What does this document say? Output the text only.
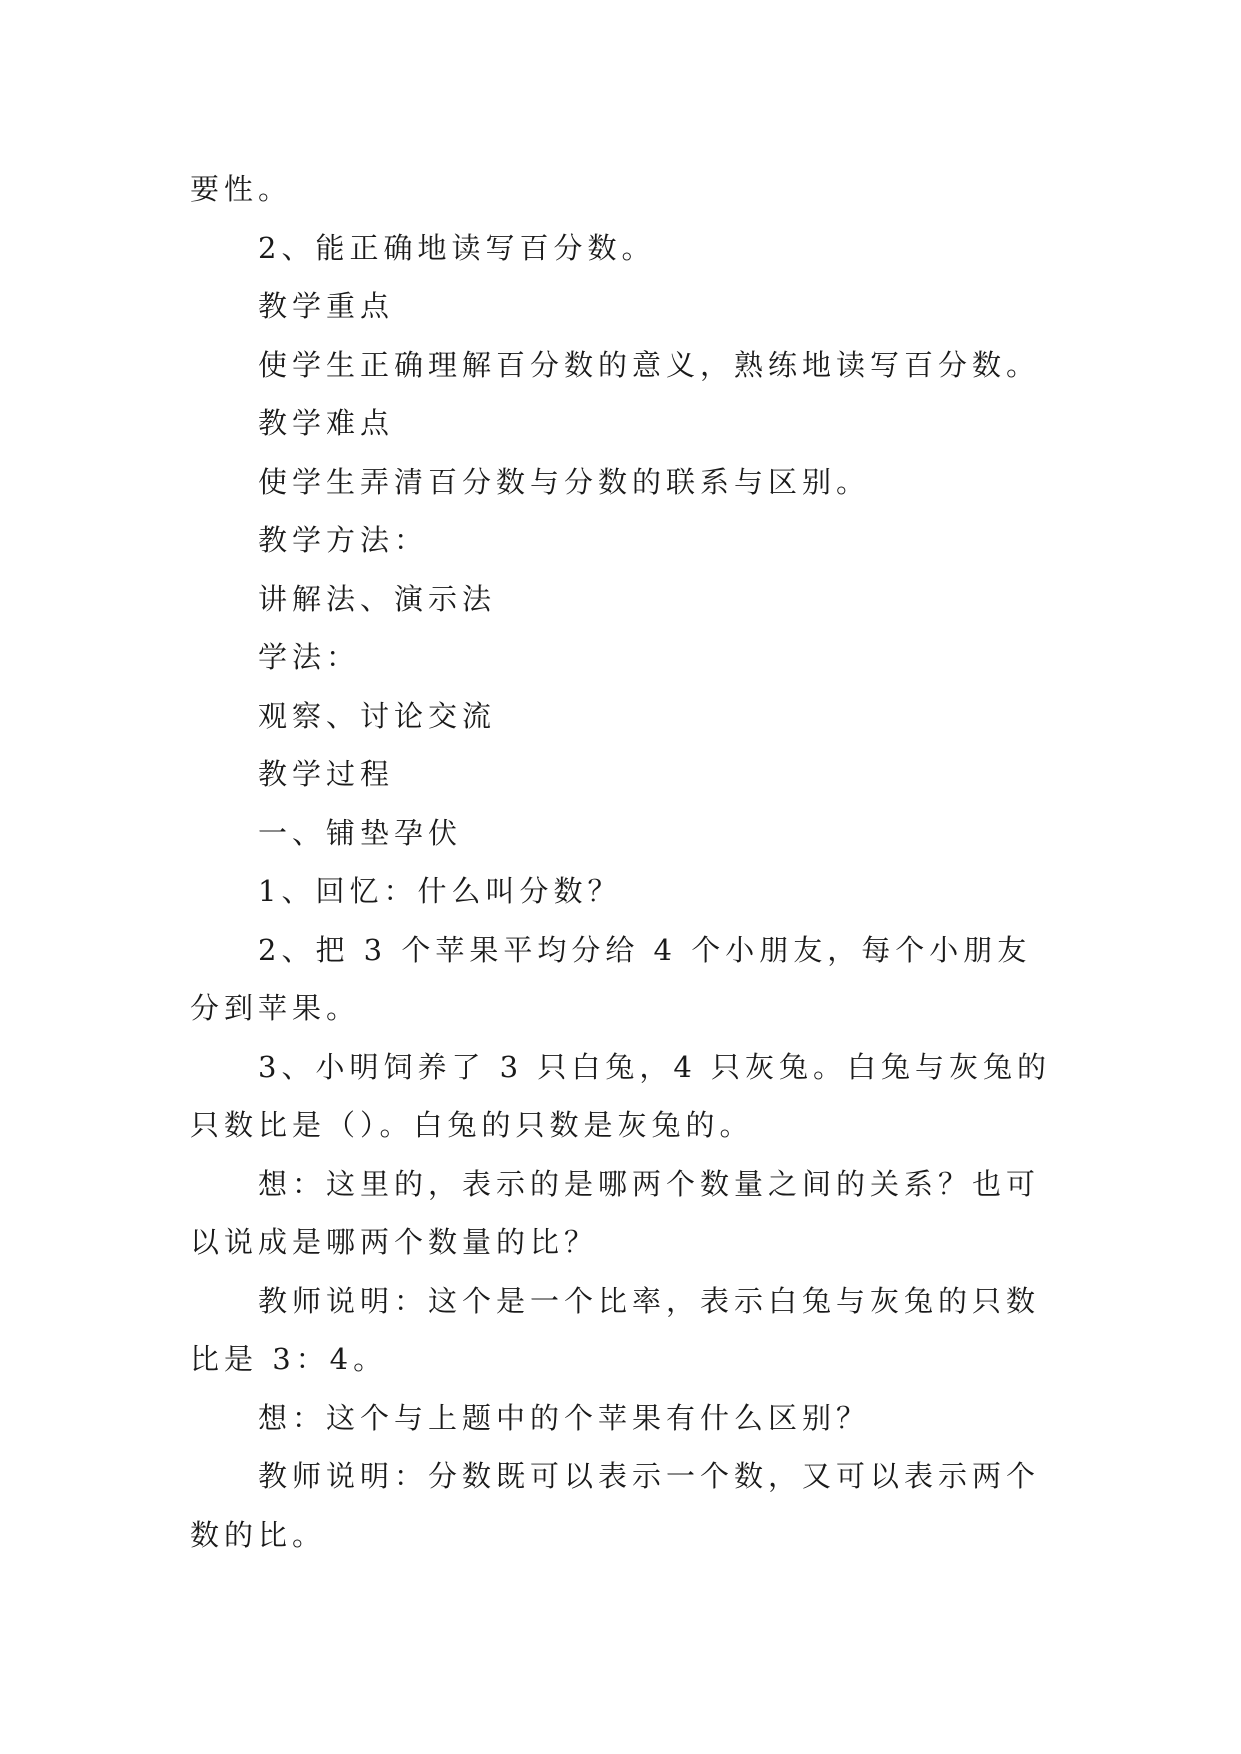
要性。

2、能正确地读写百分数。

教学重点

使学生正确理解百分数的意义，熟练地读写百分数。

教学难点

使学生弄清百分数与分数的联系与区别。

教学方法：

讲解法、演示法

学法：

观察、讨论交流

教学过程

一、铺垫孕伏

1、回忆：什么叫分数？

2、把 3 个苹果平均分给 4 个小朋友，每个小朋友分到苹果。

3、小明饲养了 3 只白兔，4 只灰兔。白兔与灰兔的只数比是（）。白兔的只数是灰兔的。

想：这里的，表示的是哪两个数量之间的关系？也可以说成是哪两个数量的比？

教师说明：这个是一个比率，表示白兔与灰兔的只数比是 3：4。

想：这个与上题中的个苹果有什么区别？

教师说明：分数既可以表示一个数，又可以表示两个数的比。
